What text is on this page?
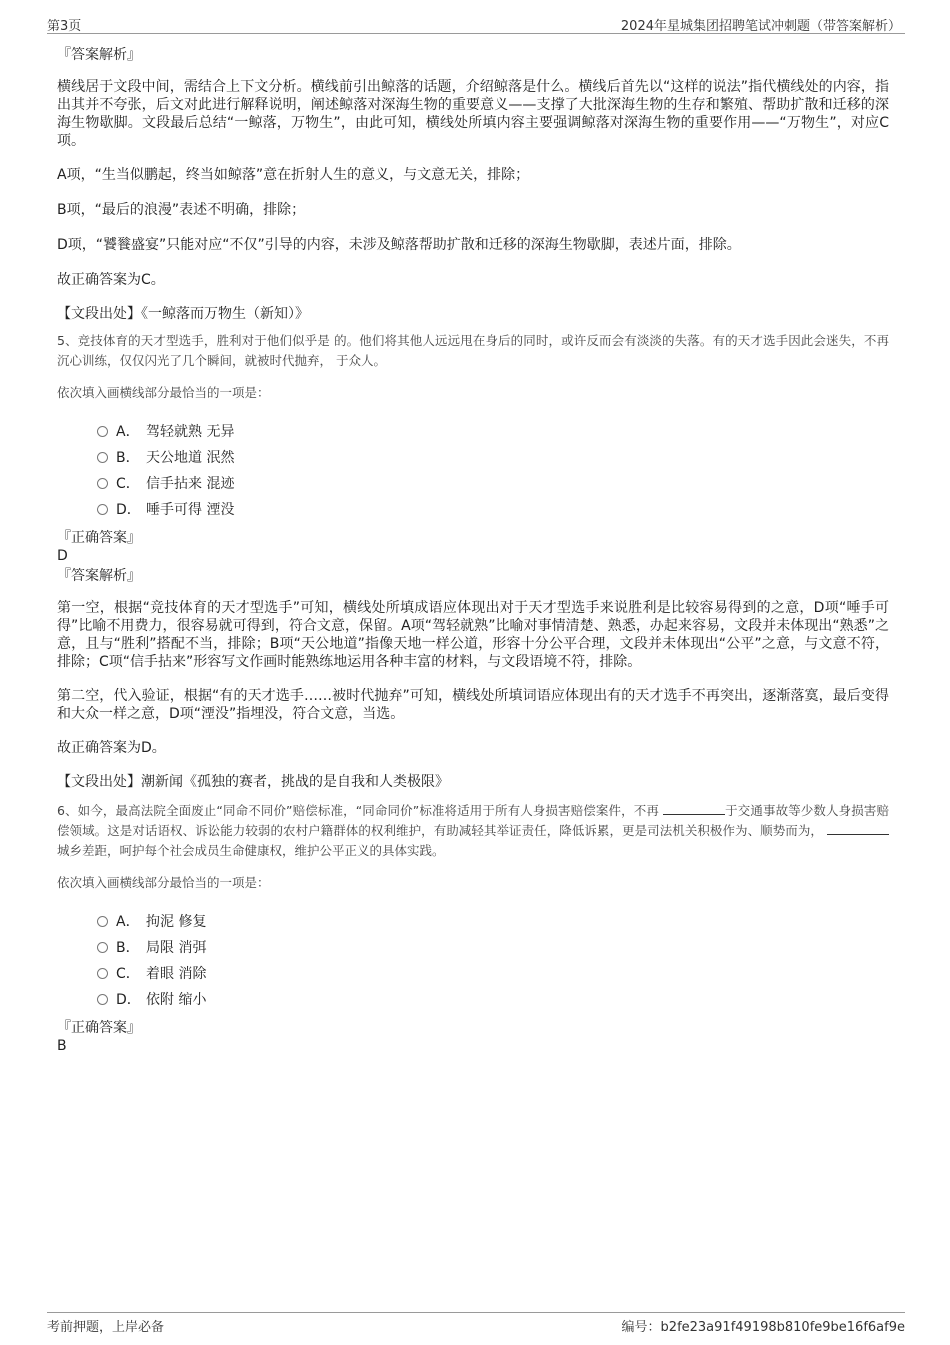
第3页	2024年星城集团招聘笔试冲刺题（带答案解析）
『答案解析』

横线居于文段中间，需结合上下文分析。横线前引出鲸落的话题，介绍鲸落是什么。横线后首先以“这样的说法”指代横线处的内容，指出其并不夸张，后文对此进行解释说明，阐述鲸落对深海生物的重要意义——支撑了大批深海生物的生存和繁殖、帮助扩散和迁移的深海生物歇脚。文段最后总结“一鲸落，万物生”，由此可知，横线处所填内容主要强调鲸落对深海生物的重要作用——“万物生”，对应C项。

A项，“生当似鹏起，终当如鲸落”意在折射人生的意义，与文意无关，排除；

B项，“最后的浪漫”表述不明确，排除；

D项，“饕餮盛宴”只能对应“不仅”引导的内容，未涉及鲸落帮助扩散和迁移的深海生物歇脚，表述片面，排除。

故正确答案为C。

【文段出处】《一鲸落而万物生（新知）》

5、竞技体育的天才型选手，胜利对于他们似乎是 的。他们将其他人远远甩在身后的同时，或许反而会有淡淡的失落。有的天才选手因此会迷失，不再沉心训练，仅仅闪光了几个瞬间，就被时代抛弃， 于众人。

依次填入画横线部分最恰当的一项是：

A． 驾轻就熟 无异
B． 天公地道 泯然
C． 信手拈来 混迹
D． 唾手可得 湮没
『正确答案』
D
『答案解析』

第一空，根据“竞技体育的天才型选手”可知，横线处所填成语应体现出对于天才型选手来说胜利是比较容易得到的之意，D项“唾手可得”比喻不用费力，很容易就可得到，符合文意，保留。A项“驾轻就熟”比喻对事情清楚、熟悉，办起来容易，文段并未体现出“熟悉”之意，且与“胜利”搭配不当，排除；B项“天公地道”指像天地一样公道，形容十分公平合理，文段并未体现出“公平”之意，与文意不符，排除；C项“信手拈来”形容写文作画时能熟练地运用各种丰富的材料，与文段语境不符，排除。

第二空，代入验证，根据“有的天才选手……被时代抛弃”可知，横线处所填词语应体现出有的天才选手不再突出，逐渐落寞，最后变得和大众一样之意，D项“湮没”指埋没，符合文意，当选。

故正确答案为D。

【文段出处】潮新闻《孤独的赛者，挑战的是自我和人类极限》

6、如今，最高法院全面废止“同命不同价”赔偿标准，“同命同价”标准将适用于所有人身损害赔偿案件，不再	于交通事故等少数人身损害赔偿领域。这是对话语权、诉讼能力较弱的农村户籍群体的权利维护，有助减轻其举证责任，降低诉累，更是司法机关积极作为、顺势而为， 城乡差距，呵护每个社会成员生命健康权，维护公平正义的具体实践。

依次填入画横线部分最恰当的一项是：

A． 拘泥 修复
B． 局限 消弭
C． 着眼 消除
D． 依附 缩小
『正确答案』
B
考前押题，上岸必备	编号：b2fe23a91f49198b810fe9be16f6af9e
